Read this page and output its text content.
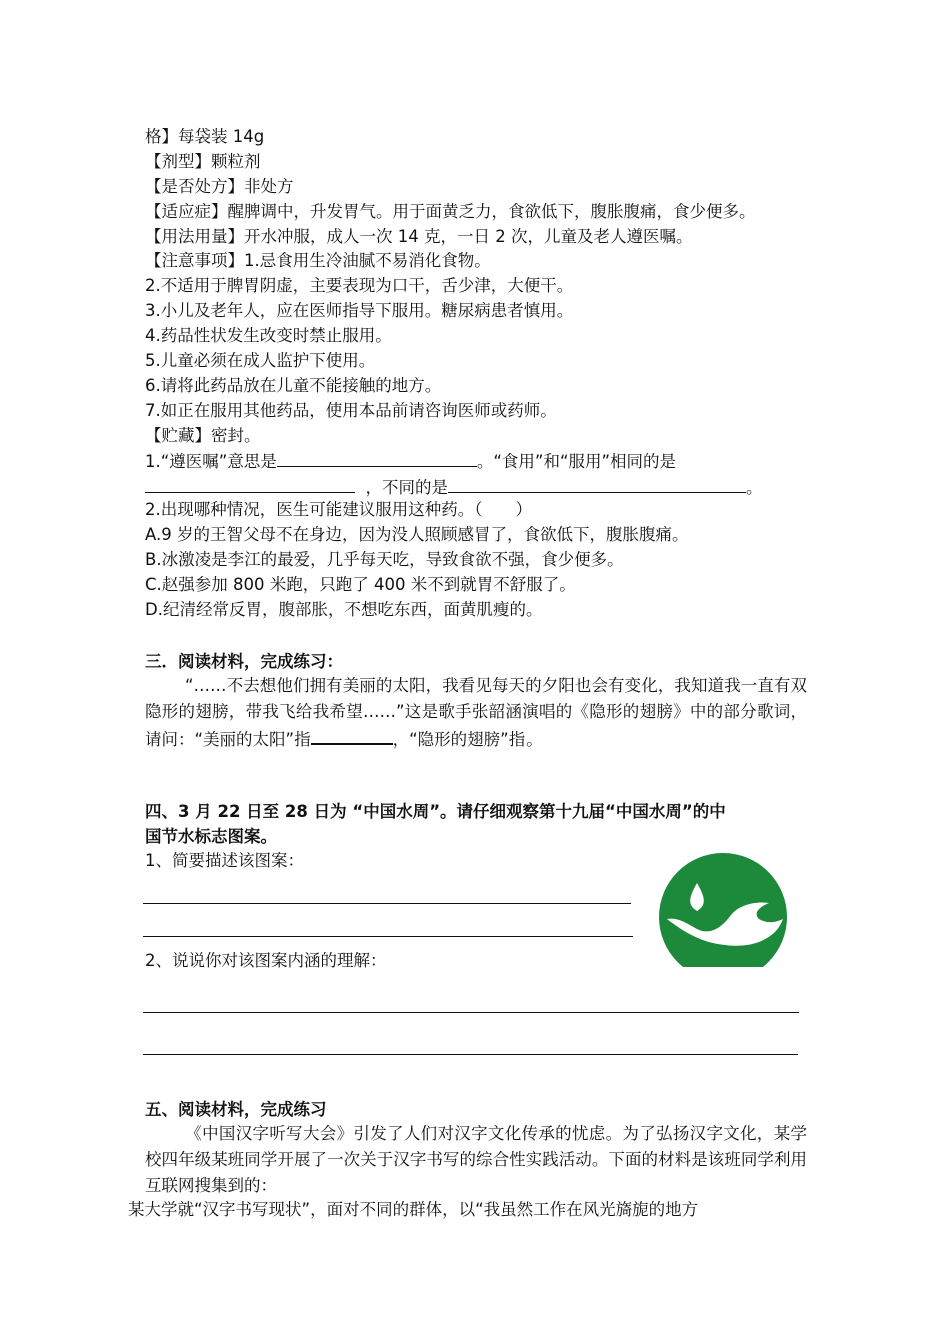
格】每袋装 14g
【剂型】颗粒剂
【是否处方】非处方
【适应症】醒脾调中，升发胃气。用于面黄乏力，食欲低下，腹胀腹痛，食少便多。
【用法用量】开水冲服，成人一次 14 克，一日 2 次，儿童及老人遵医嘱。
【注意事项】1.忌食用生冷油腻不易消化食物。
2.不适用于脾胃阴虚，主要表现为口干，舌少津，大便干。
3.小儿及老年人，应在医师指导下服用。糖尿病患者慎用。
4.药品性状发生改变时禁止服用。
5.儿童必须在成人监护下使用。
6.请将此药品放在儿童不能接触的地方。
7.如正在服用其他药品，使用本品前请咨询医师或药师。
【贮藏】密封。
1.“遵医嘱”意思是	。“食用”和“服用”相同的是
，不同的是	。
2.出现哪种情况，医生可能建议服用这种药。（　　）
A.9 岁的王智父母不在身边，因为没人照顾感冒了，食欲低下，腹胀腹痛。
B.冰激凌是李江的最爱，几乎每天吃，导致食欲不强，食少便多。
C.赵强参加 800 米跑，只跑了 400 米不到就胃不舒服了。
D.纪清经常反胃，腹部胀，不想吃东西，面黄肌瘦的。
三．阅读材料，完成练习：
“……不去想他们拥有美丽的太阳，我看见每天的夕阳也会有变化，我知道我一直有双隐形的翅膀，带我飞给我希望……”这是歌手张韶涵演唱的《隐形的翅膀》中的部分歌词，请问：“美丽的太阳”指	，“隐形的翅膀”指。
四、3 月 22 日至 28 日为 “中国水周”。请仔细观察第十九届“中国水周”的中
国节水标志图案。
1、简要描述该图案：
2、说说你对该图案内涵的理解：
五、阅读材料，完成练习
《中国汉字听写大会》引发了人们对汉字文化传承的忧虑。为了弘扬汉字文化，某学校四年级某班同学开展了一次关于汉字书写的综合性实践活动。下面的材料是该班同学利用互联网搜集到的：
某大学就“汉字书写现状”，面对不同的群体，以“我虽然工作在风光旖旎的地方
